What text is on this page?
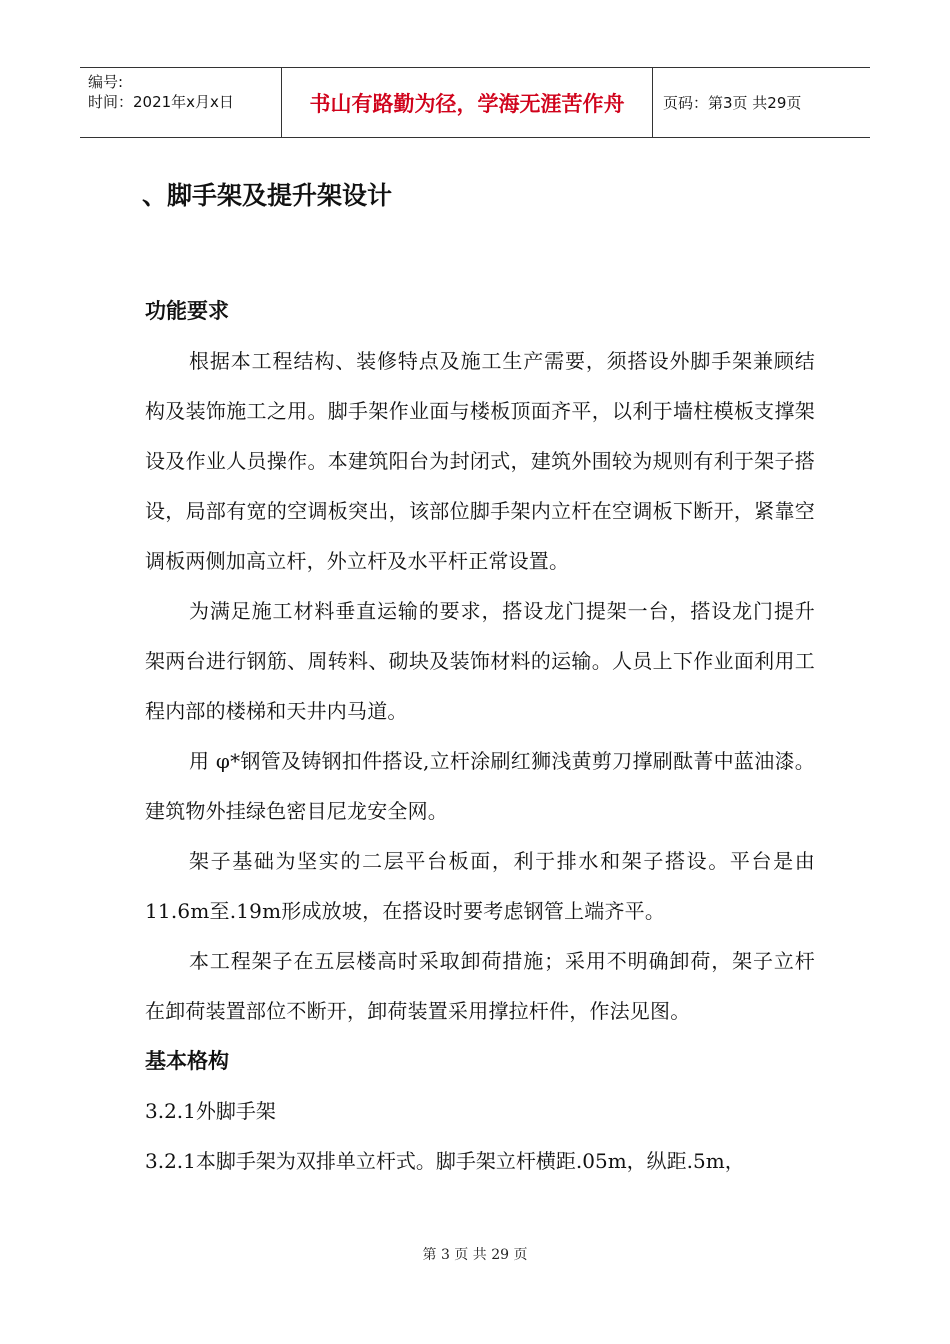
编号:
时间：2021年x月x日	书山有路勤为径，学海无涯苦作舟	页码：第3页 共29页
、脚手架及提升架设计
功能要求

根据本工程结构、装修特点及施工生产需要，须搭设外脚手架兼顾结构及装饰施工之用。脚手架作业面与楼板顶面齐平，以利于墙柱模板支撑架设及作业人员操作。本建筑阳台为封闭式，建筑外围较为规则有利于架子搭设，局部有宽的空调板突出，该部位脚手架内立杆在空调板下断开，紧靠空调板两侧加高立杆，外立杆及水平杆正常设置。

为满足施工材料垂直运输的要求，搭设龙门提架一台，搭设龙门提升架两台进行钢筋、周转料、砌块及装饰材料的运输。人员上下作业面利用工程内部的楼梯和天井内马道。

用 φ*钢管及铸钢扣件搭设,立杆涂刷红狮浅黄剪刀撑刷酞菁中蓝油漆。建筑物外挂绿色密目尼龙安全网。

架子基础为坚实的二层平台板面，利于排水和架子搭设。平台是由11.6m至.19m形成放坡，在搭设时要考虑钢管上端齐平。

本工程架子在五层楼高时采取卸荷措施；采用不明确卸荷，架子立杆在卸荷装置部位不断开，卸荷装置采用撑拉杆件，作法见图。

基本格构

3.2.1外脚手架

3.2.1本脚手架为双排单立杆式。脚手架立杆横距.05m，纵距.5m，

第 3 页 共 29 页
